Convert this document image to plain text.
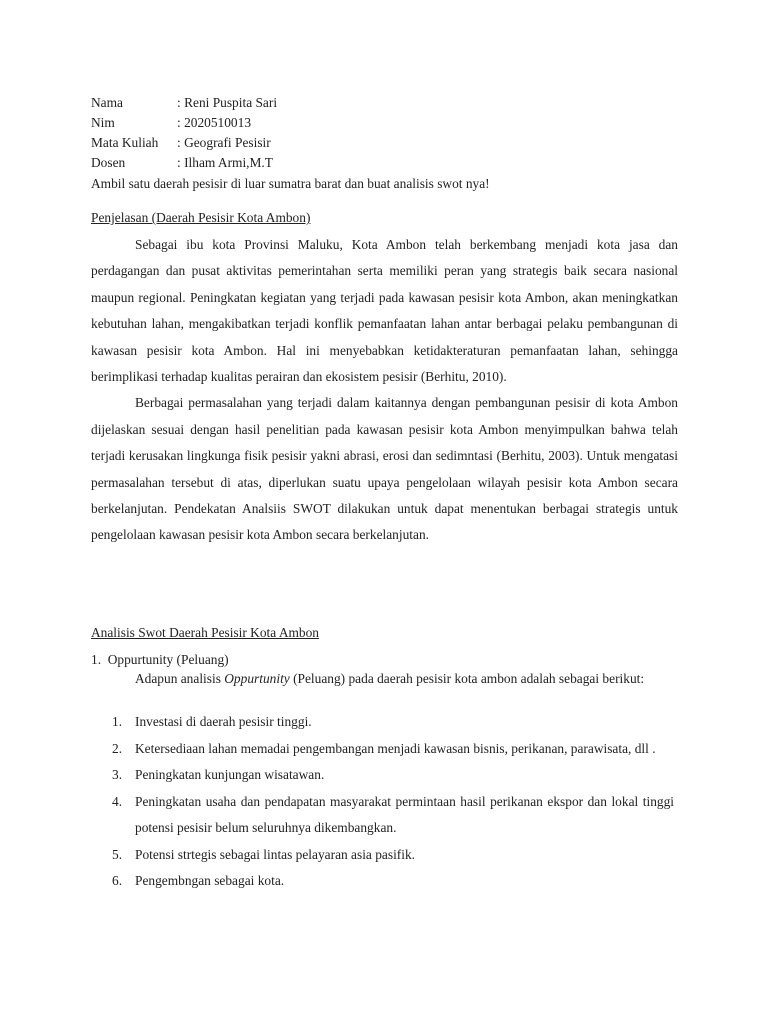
Nama	: Reni Puspita Sari
Nim	: 2020510013
Mata Kuliah : Geografi Pesisir
Dosen	: Ilham Armi,M.T
Ambil satu daerah pesisir di luar sumatra barat dan buat analisis swot nya!
Penjelasan (Daerah Pesisir Kota Ambon)

Sebagai ibu kota Provinsi Maluku, Kota Ambon telah berkembang menjadi kota jasa dan perdagangan dan pusat aktivitas pemerintahan serta memiliki peran yang strategis baik secara nasional maupun regional. Peningkatan kegiatan yang terjadi pada kawasan pesisir kota Ambon, akan meningkatkan kebutuhan lahan, mengakibatkan terjadi konflik pemanfaatan lahan antar berbagai pelaku pembangunan di kawasan pesisir kota Ambon. Hal ini menyebabkan ketidakteraturan pemanfaatan lahan, sehingga berimplikasi terhadap kualitas perairan dan ekosistem pesisir (Berhitu, 2010).

Berbagai permasalahan yang terjadi dalam kaitannya dengan pembangunan pesisir di kota Ambon dijelaskan sesuai dengan hasil penelitian pada kawasan pesisir kota Ambon menyimpulkan bahwa telah terjadi kerusakan lingkunga fisik pesisir yakni abrasi, erosi dan sedimntasi (Berhitu, 2003). Untuk mengatasi permasalahan tersebut di atas, diperlukan suatu upaya pengelolaan wilayah pesisir kota Ambon secara berkelanjutan. Pendekatan Analsiis SWOT dilakukan untuk dapat menentukan berbagai strategis untuk pengelolaan kawasan pesisir kota Ambon secara berkelanjutan.

Analisis Swot Daerah Pesisir Kota Ambon
1. Oppurtunity (Peluang)

Adapun analisis Oppurtunity (Peluang) pada daerah pesisir kota ambon adalah sebagai berikut:

1. Investasi di daerah pesisir tinggi.
2. Ketersediaan lahan memadai pengembangan menjadi kawasan bisnis, perikanan, parawisata, dll .
3. Peningkatan kunjungan wisatawan.
4. Peningkatan usaha dan pendapatan masyarakat permintaan hasil perikanan ekspor dan lokal tinggi potensi pesisir belum seluruhnya dikembangkan.
5. Potensi strtegis sebagai lintas pelayaran asia pasifik.
6. Pengembngan sebagai kota.
